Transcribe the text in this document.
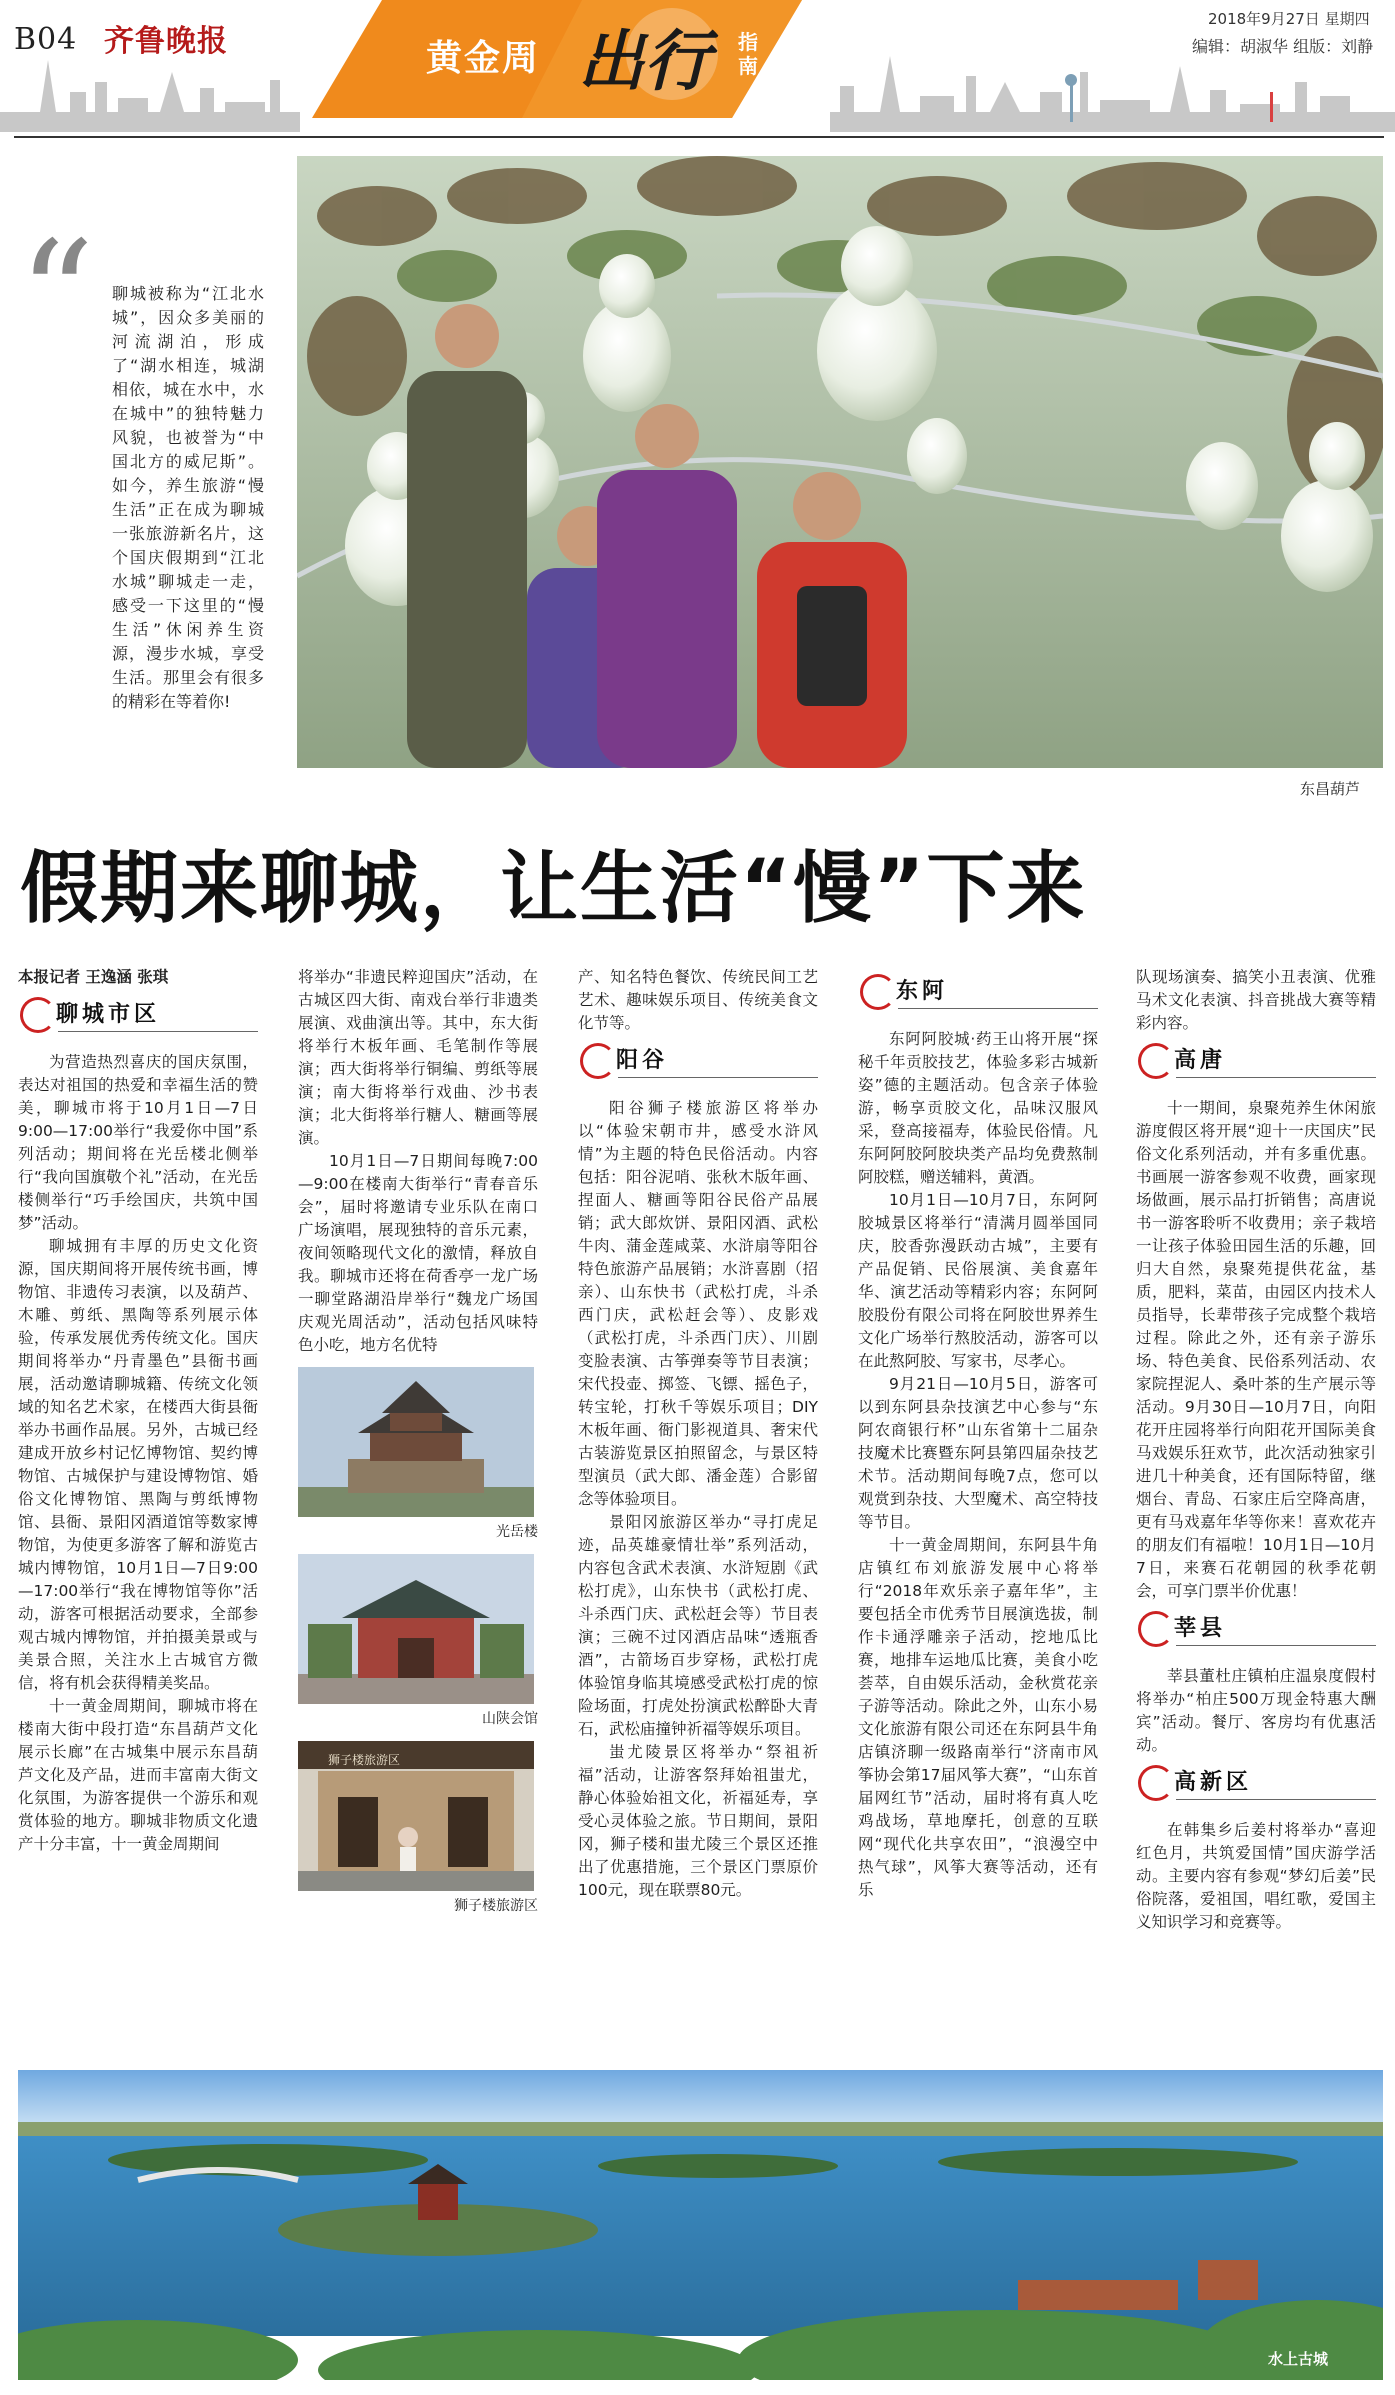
B04 齐鲁晚报	黄金周 出行 指南
2018年9月27日 星期四
编辑：胡淑华 组版：刘静
东昌葫芦
“ 聊城被称为“江北水城”，因众多美丽的河流湖泊，形成了“湖水相连，城湖相依，城在水中，水在城中”的独特魅力风貌，也被誉为“中国北方的威尼斯”。如今，养生旅游“慢生活”正在成为聊城一张旅游新名片，这个国庆假期到“江北水城”聊城走一走，感受一下这里的“慢生活”休闲养生资源，漫步水城，享受生活。那里会有很多的精彩在等着你!
假期来聊城，让生活“慢”下来

本报记者 王逸涵 张琪

聊城市区

为营造热烈喜庆的国庆氛围，表达对祖国的热爱和幸福生活的赞美，聊城市将于10月1日—7日9:00—17:00举行“我爱你中国”系列活动；期间将在光岳楼北侧举行“我向国旗敬个礼”活动，在光岳楼侧举行“巧手绘国庆，共筑中国梦”活动。

聊城拥有丰厚的历史文化资源，国庆期间将开展传统书画，博物馆、非遗传习表演，以及葫芦、木雕、剪纸、黑陶等系列展示体验，传承发展优秀传统文化。国庆期间将举办“丹青墨色”县衙书画展，活动邀请聊城籍、传统文化领域的知名艺术家，在楼西大街县衙举办书画作品展。另外，古城已经建成开放乡村记忆博物馆、契约博物馆、古城保护与建设博物馆、婚俗文化博物馆、黑陶与剪纸博物馆、县衙、景阳冈酒道馆等数家博物馆，为使更多游客了解和游览古城内博物馆，10月1日—7日9:00—17:00举行“我在博物馆等你”活动，游客可根据活动要求，全部参观古城内博物馆，并拍摄美景或与美景合照，关注水上古城官方微信，将有机会获得精美奖品。

十一黄金周期间，聊城市将在楼南大街中段打造“东昌葫芦文化展示长廊”在古城集中展示东昌葫芦文化及产品，进而丰富南大街文化氛围，为游客提供一个游乐和观赏体验的地方。聊城非物质文化遗产十分丰富，十一黄金周期间

将举办“非遗民粹迎国庆”活动，在古城区四大街、南戏台举行非遗类展演、戏曲演出等。其中，东大街将举行木板年画、毛笔制作等展演；西大街将举行铜编、剪纸等展演；南大街将举行戏曲、沙书表演；北大街将举行糖人、糖画等展演。

10月1日—7日期间每晚7:00—9:00在楼南大街举行“青春音乐会”，届时将邀请专业乐队在南口广场演唱，展现独特的音乐元素，夜间领略现代文化的激情，释放自我。聊城市还将在荷香亭一龙广场一聊堂路湖沿岸举行“魏龙广场国庆观光周活动”，活动包括风味特色小吃，地方名优特

光岳楼
山陕会馆
狮子楼旅游区
狮子楼旅游区

产、知名特色餐饮、传统民间工艺艺术、趣味娱乐项目、传统美食文化节等。

阳谷

阳谷狮子楼旅游区将举办以“体验宋朝市井，感受水浒风情”为主题的特色民俗活动。内容包括：阳谷泥哨、张秋木版年画、捏面人、糖画等阳谷民俗产品展销；武大郎炊饼、景阳冈酒、武松牛肉、蒲金莲咸菜、水浒扇等阳谷特色旅游产品展销；水浒喜剧（招亲）、山东快书（武松打虎，斗杀西门庆，武松赶会等）、皮影戏（武松打虎，斗杀西门庆）、川剧变脸表演、古筝弹奏等节目表演；宋代投壶、掷签、飞镖、摇色子，转宝轮，打秋千等娱乐项目；DIY木板年画、衙门影视道具、奢宋代古装游览景区拍照留念，与景区特型演员（武大郎、潘金莲）合影留念等体验项目。

景阳冈旅游区举办“寻打虎足迹，品英雄豪情壮举”系列活动，内容包含武术表演、水浒短剧《武松打虎》，山东快书（武松打虎、斗杀西门庆、武松赶会等）节目表演；三碗不过冈酒店品味“透瓶香酒”，古箭场百步穿杨，武松打虎体验馆身临其境感受武松打虎的惊险场面，打虎处扮演武松醉卧大青石，武松庙撞钟祈福等娱乐项目。

蚩尤陵景区将举办“祭祖祈福”活动，让游客祭拜始祖蚩尤，静心体验始祖文化，祈福延寿，享受心灵体验之旅。节日期间，景阳冈，狮子楼和蚩尤陵三个景区还推出了优惠措施，三个景区门票原价100元，现在联票80元。

东阿

东阿阿胶城·药王山将开展“探秘千年贡胶技艺，体验多彩古城新姿”德的主题活动。包含亲子体验游，畅享贡胶文化，品味汉服风采，登高接福寿，体验民俗情。凡东阿阿胶阿胶块类产品均免费熬制阿胶糕，赠送辅料，黄酒。

10月1日—10月7日，东阿阿胶城景区将举行“清满月圆举国同庆，胶香弥漫跃动古城”，主要有产品促销、民俗展演、美食嘉年华、演艺活动等精彩内容；东阿阿胶股份有限公司将在阿胶世界养生文化广场举行熬胶活动，游客可以在此熬阿胶、写家书，尽孝心。

9月21日—10月5日，游客可以到东阿县杂技演艺中心参与“东阿农商银行杯”山东省第十二届杂技魔术比赛暨东阿县第四届杂技艺术节。活动期间每晚7点，您可以观赏到杂技、大型魔术、高空特技等节目。

十一黄金周期间，东阿县牛角店镇红布刘旅游发展中心将举行“2018年欢乐亲子嘉年华”，主要包括全市优秀节目展演选拔，制作卡通浮雕亲子活动，挖地瓜比赛，地排车运地瓜比赛，美食小吃荟萃，自由娱乐活动，金秋赏花亲子游等活动。除此之外，山东小易文化旅游有限公司还在东阿县牛角店镇济聊一级路南举行“济南市风筝协会第17届风筝大赛”，“山东首届网红节”活动，届时将有真人吃鸡战场，草地摩托，创意的互联网“现代化共享农田”，“浪漫空中热气球”，风筝大赛等活动，还有乐

队现场演奏、搞笑小丑表演、优雅马术文化表演、抖音挑战大赛等精彩内容。

高唐

十一期间，泉聚苑养生休闲旅游度假区将开展“迎十一庆国庆”民俗文化系列活动，并有多重优惠。书画展一游客参观不收费，画家现场做画，展示品打折销售；高唐说书一游客聆听不收费用；亲子栽培一让孩子体验田园生活的乐趣，回归大自然，泉聚苑提供花盆，基质，肥料，菜苗，由园区内技术人员指导，长辈带孩子完成整个栽培过程。除此之外，还有亲子游乐场、特色美食、民俗系列活动、农家院捏泥人、桑叶茶的生产展示等活动。9月30日—10月7日，向阳花开庄园将举行向阳花开国际美食马戏娱乐狂欢节，此次活动独家引进几十种美食，还有国际特留，继烟台、青岛、石家庄后空降高唐，更有马戏嘉年华等你来！喜欢花卉的朋友们有福啦！10月1日—10月7日，来赛石花朝园的秋季花朝会，可享门票半价优惠！

莘县

莘县董杜庄镇柏庄温泉度假村将举办“柏庄500万现金特惠大酬宾”活动。餐厅、客房均有优惠活动。

高新区

在韩集乡后姜村将举办“喜迎红色月，共筑爱国情”国庆游学活动。主要内容有参观“梦幻后姜”民俗院落，爱祖国，唱红歌，爱国主义知识学习和竞赛等。

水上古城
